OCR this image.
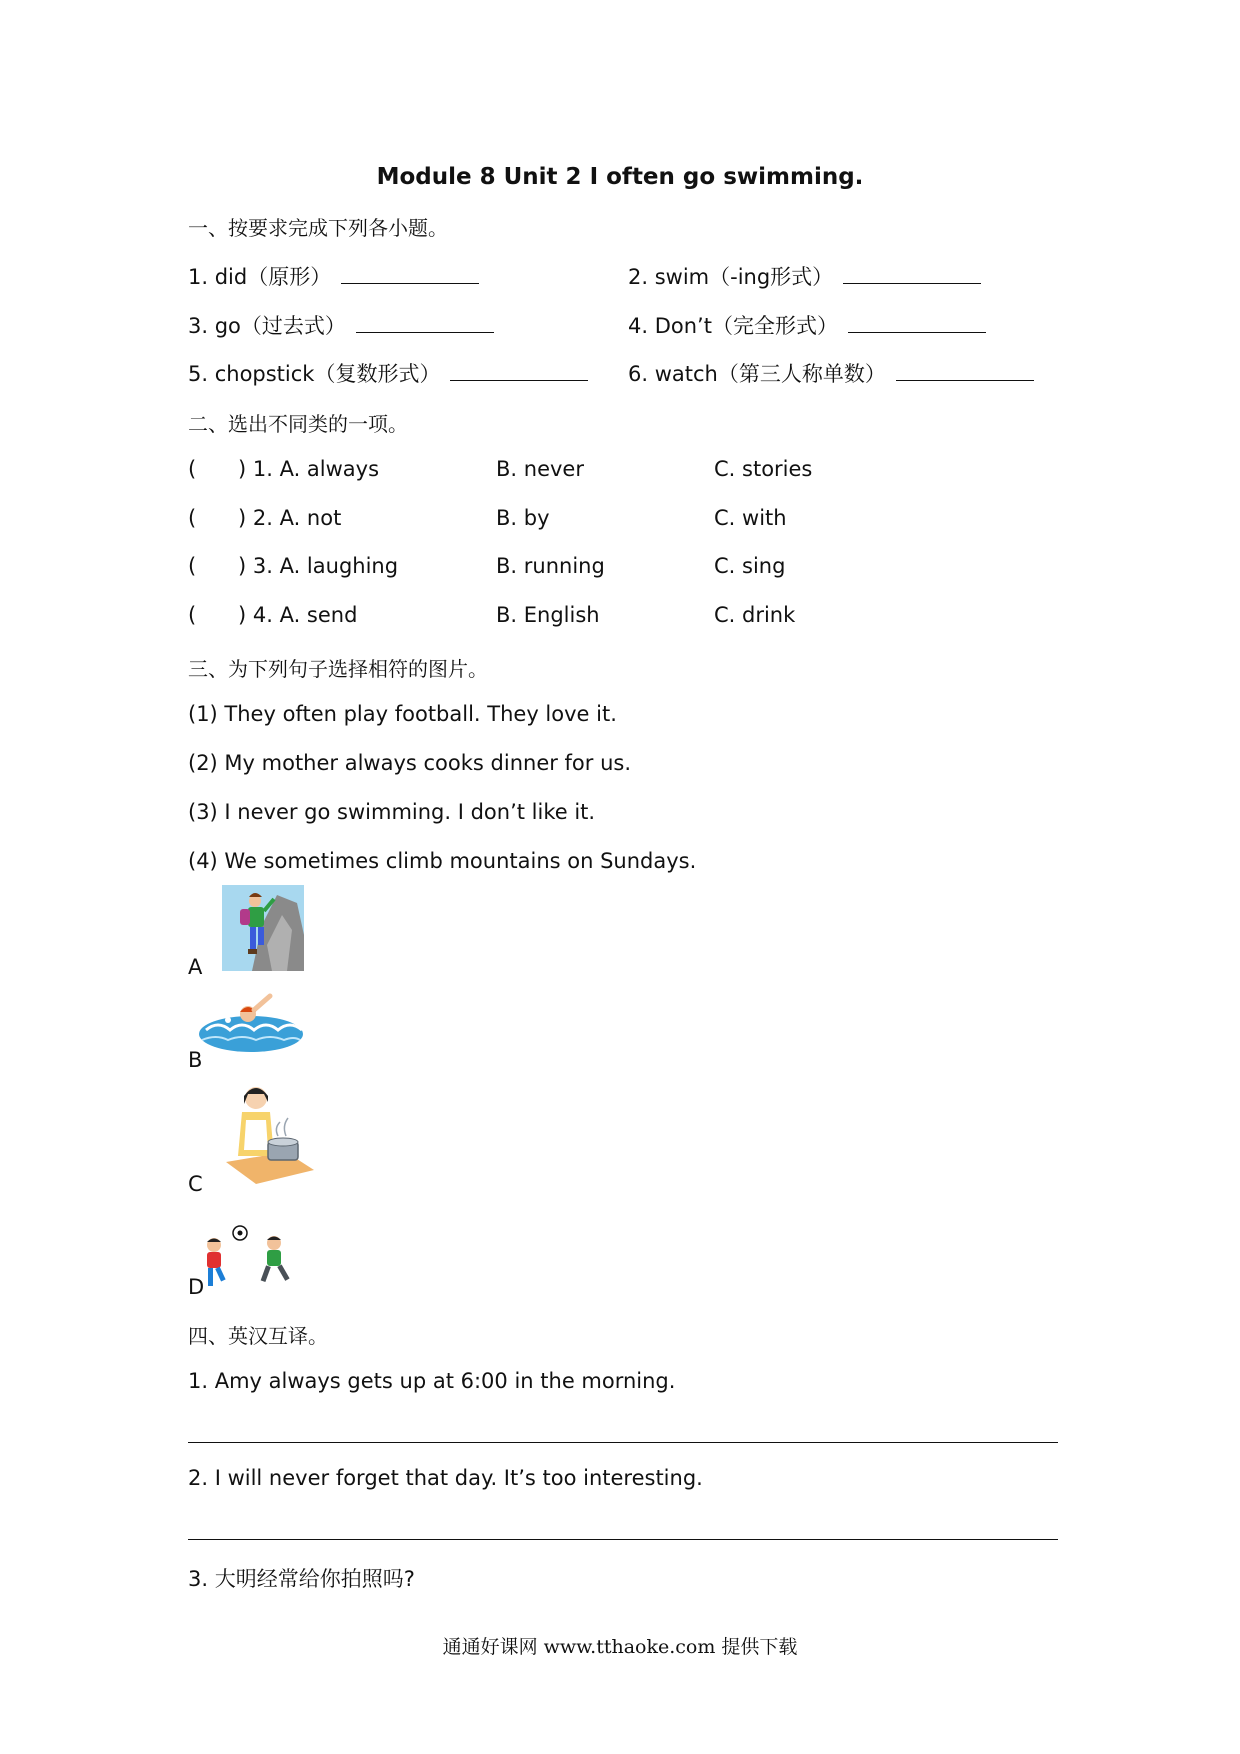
Module 8 Unit 2 I often go swimming.
一、按要求完成下列各小题。
1. did（原形）	2. swim（-ing形式）
3. go（过去式）	4. Don’t（完全形式）
5. chopstick（复数形式）	6. watch（第三人称单数）
二、选出不同类的一项。
( ) 1. A. always	B. never	C. stories
( ) 2. A. not	B. by	C. with
( ) 3. A. laughing	B. running	C. sing
( ) 4. A. send	B. English	C. drink
三、为下列句子选择相符的图片。
(1) They often play football. They love it.
(2) My mother always cooks dinner for us.
(3) I never go swimming. I don’t like it.
(4) We sometimes climb mountains on Sundays.
A
B
C
D
四、英汉互译。
1. Amy always gets up at 6:00 in the morning.
2. I will never forget that day. It’s too interesting.
3. 大明经常给你拍照吗?
通通好课网 www.tthaoke.com 提供下载
